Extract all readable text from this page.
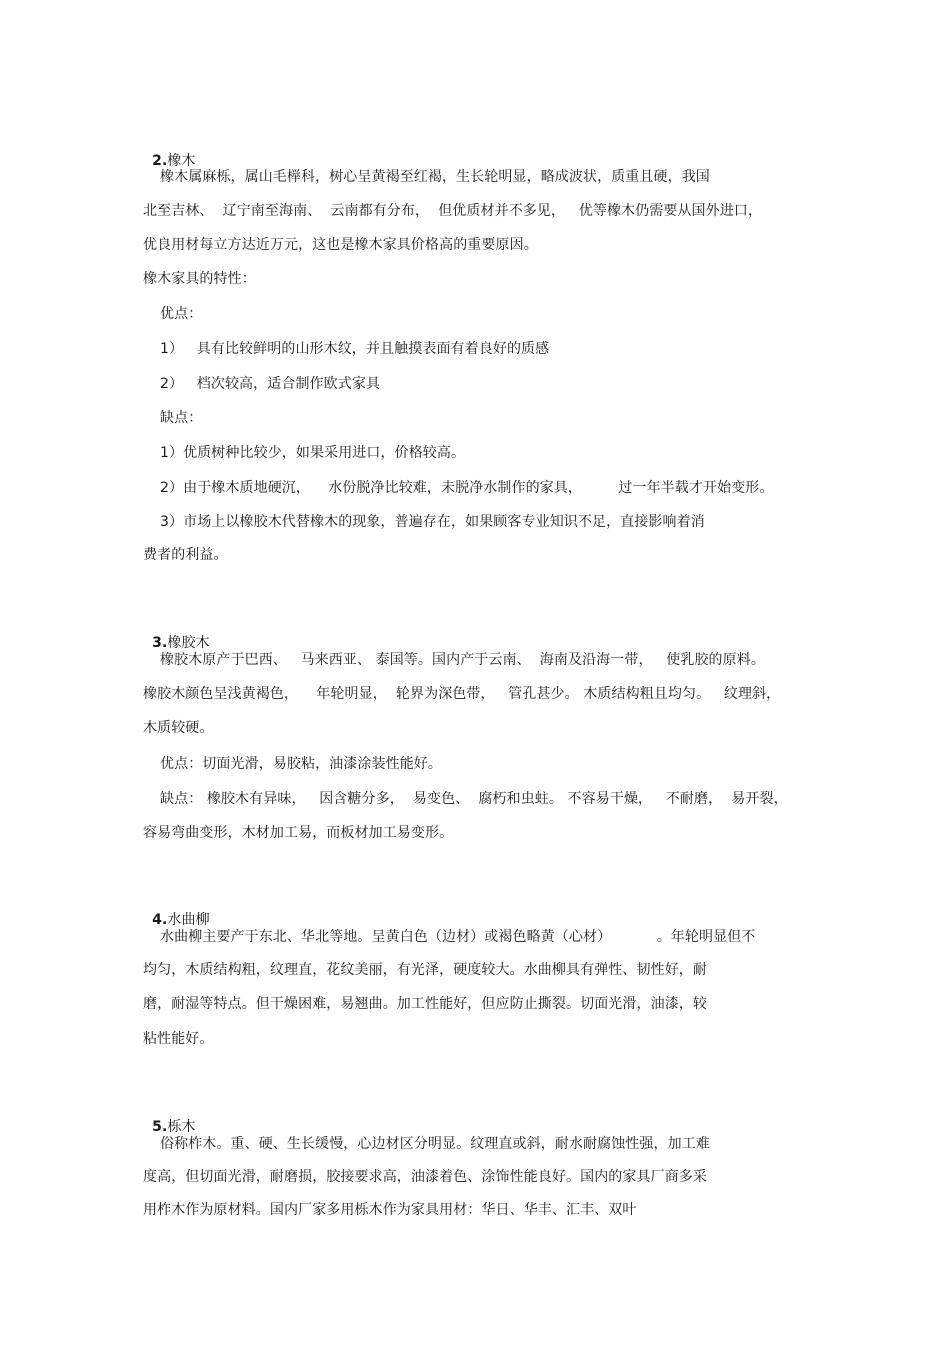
2.橡木

橡木属麻栎，属山毛榉科，树心呈黄褐至红褐，生长轮明显，略成波状，质重且硬，我国
北至吉林、  辽宁南至海南、  云南都有分布，  但优质材并不多见，   优等橡木仍需要从国外进口，
优良用材每立方达近万元，这也是橡木家具价格高的重要原因。
橡木家具的特性：
优点：
1）   具有比较鲜明的山形木纹，并且触摸表面有着良好的质感
2）   档次较高，适合制作欧式家具
缺点：
1）优质树种比较少，如果采用进口，价格较高。
2）由于橡木质地硬沉，    水份脱净比较难，未脱净水制作的家具，        过一年半载才开始变形。
3）市场上以橡胶木代替橡木的现象，普遍存在，如果顾客专业知识不足，直接影响着消
费者的利益。

3.橡胶木

橡胶木原产于巴西、   马来西亚、 泰国等。国内产于云南、  海南及沿海一带，   使乳胶的原料。
橡胶木颜色呈浅黄褐色，    年轮明显，  轮界为深色带，   管孔甚少。 木质结构粗且均匀。   纹理斜，
木质较硬。
优点：切面光滑，易胶粘，油漆涂装性能好。
缺点： 橡胶木有异味，   因含糖分多，  易变色、  腐朽和虫蛀。 不容易干燥，   不耐磨，  易开裂，
容易弯曲变形，木材加工易，而板材加工易变形。

4.水曲柳

水曲柳主要产于东北、华北等地。呈黄白色（边材）或褐色略黄（心材）          。年轮明显但不
均匀，木质结构粗，纹理直，花纹美丽，有光泽，硬度较大。水曲柳具有弹性、韧性好，耐
磨，耐湿等特点。但干燥困难，易翘曲。加工性能好，但应防止撕裂。切面光滑，油漆，较
粘性能好。

5.栎木

俗称柞木。重、硬、生长缓慢，心边材区分明显。纹理直或斜，耐水耐腐蚀性强，加工难
度高，但切面光滑，耐磨损，胶接要求高，油漆着色、涂饰性能良好。国内的家具厂商多采
用柞木作为原材料。国内厂家多用栎木作为家具用材：华日、华丰、汇丰、双叶
